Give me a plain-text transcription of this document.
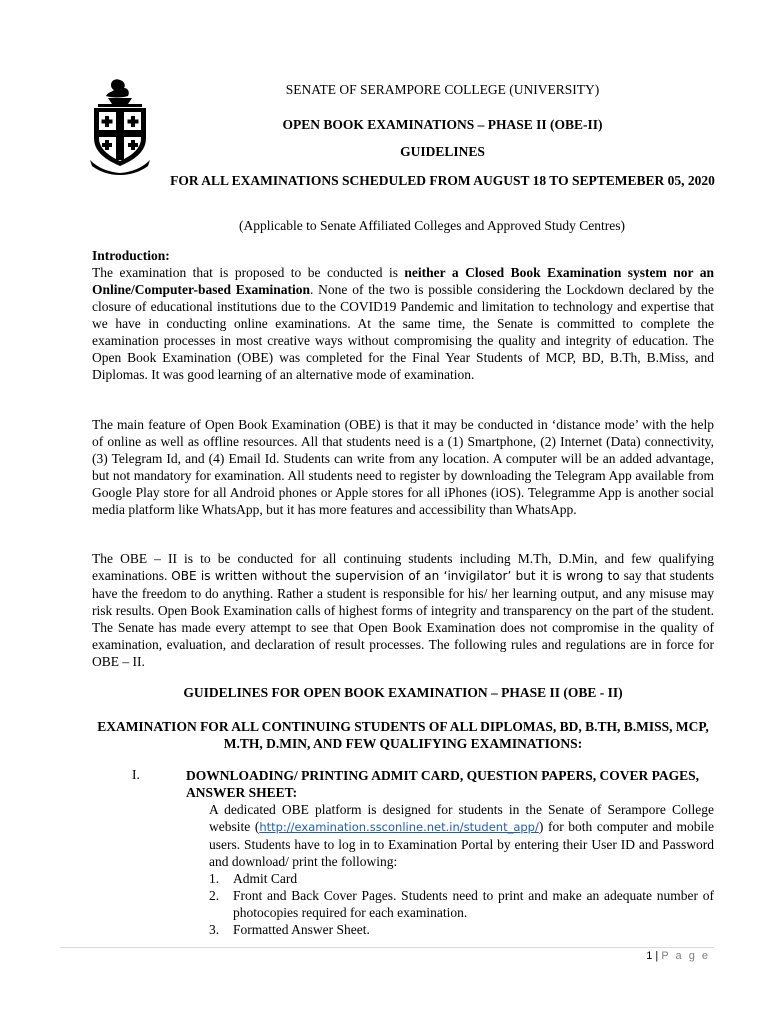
SENATE OF SERAMPORE COLLEGE (UNIVERSITY)
OPEN BOOK EXAMINATIONS – PHASE II (OBE-II)
GUIDELINES
FOR ALL EXAMINATIONS SCHEDULED FROM AUGUST 18 TO SEPTEMEBER 05, 2020
(Applicable to Senate Affiliated Colleges and Approved Study Centres)

Introduction:

The examination that is proposed to be conducted is neither a Closed Book Examination system nor an Online/Computer-based Examination. None of the two is possible considering the Lockdown declared by the closure of educational institutions due to the COVID19 Pandemic and limitation to technology and expertise that we have in conducting online examinations. At the same time, the Senate is committed to complete the examination processes in most creative ways without compromising the quality and integrity of education. The Open Book Examination (OBE) was completed for the Final Year Students of MCP, BD, B.Th, B.Miss, and Diplomas. It was good learning of an alternative mode of examination.

The main feature of Open Book Examination (OBE) is that it may be conducted in ‘distance mode’ with the help of online as well as offline resources. All that students need is a (1) Smartphone, (2) Internet (Data) connectivity, (3) Telegram Id, and (4) Email Id. Students can write from any location. A computer will be an added advantage, but not mandatory for examination. All students need to register by downloading the Telegram App available from Google Play store for all Android phones or Apple stores for all iPhones (iOS). Telegramme App is another social media platform like WhatsApp, but it has more features and accessibility than WhatsApp.

The OBE – II is to be conducted for all continuing students including M.Th, D.Min, and few qualifying examinations. OBE is written without the supervision of an ‘invigilator’ but it is wrong to say that students have the freedom to do anything. Rather a student is responsible for his/ her learning output, and any misuse may risk results. Open Book Examination calls of highest forms of integrity and transparency on the part of the student. The Senate has made every attempt to see that Open Book Examination does not compromise in the quality of examination, evaluation, and declaration of result processes. The following rules and regulations are in force for OBE – II.

GUIDELINES FOR OPEN BOOK EXAMINATION – PHASE II (OBE - II)
EXAMINATION FOR ALL CONTINUING STUDENTS OF ALL DIPLOMAS, BD, B.TH, B.MISS, MCP, M.TH, D.MIN, AND FEW QUALIFYING EXAMINATIONS:
I.	DOWNLOADING/ PRINTING ADMIT CARD, QUESTION PAPERS, COVER PAGES, ANSWER SHEET:

A dedicated OBE platform is designed for students in the Senate of Serampore College website (http://examination.ssconline.net.in/student_app/) for both computer and mobile users. Students have to log in to Examination Portal by entering their User ID and Password and download/ print the following:

1. Admit Card
2. Front and Back Cover Pages. Students need to print and make an adequate number of photocopies required for each examination.
3. Formatted Answer Sheet.
1 | P a g e
